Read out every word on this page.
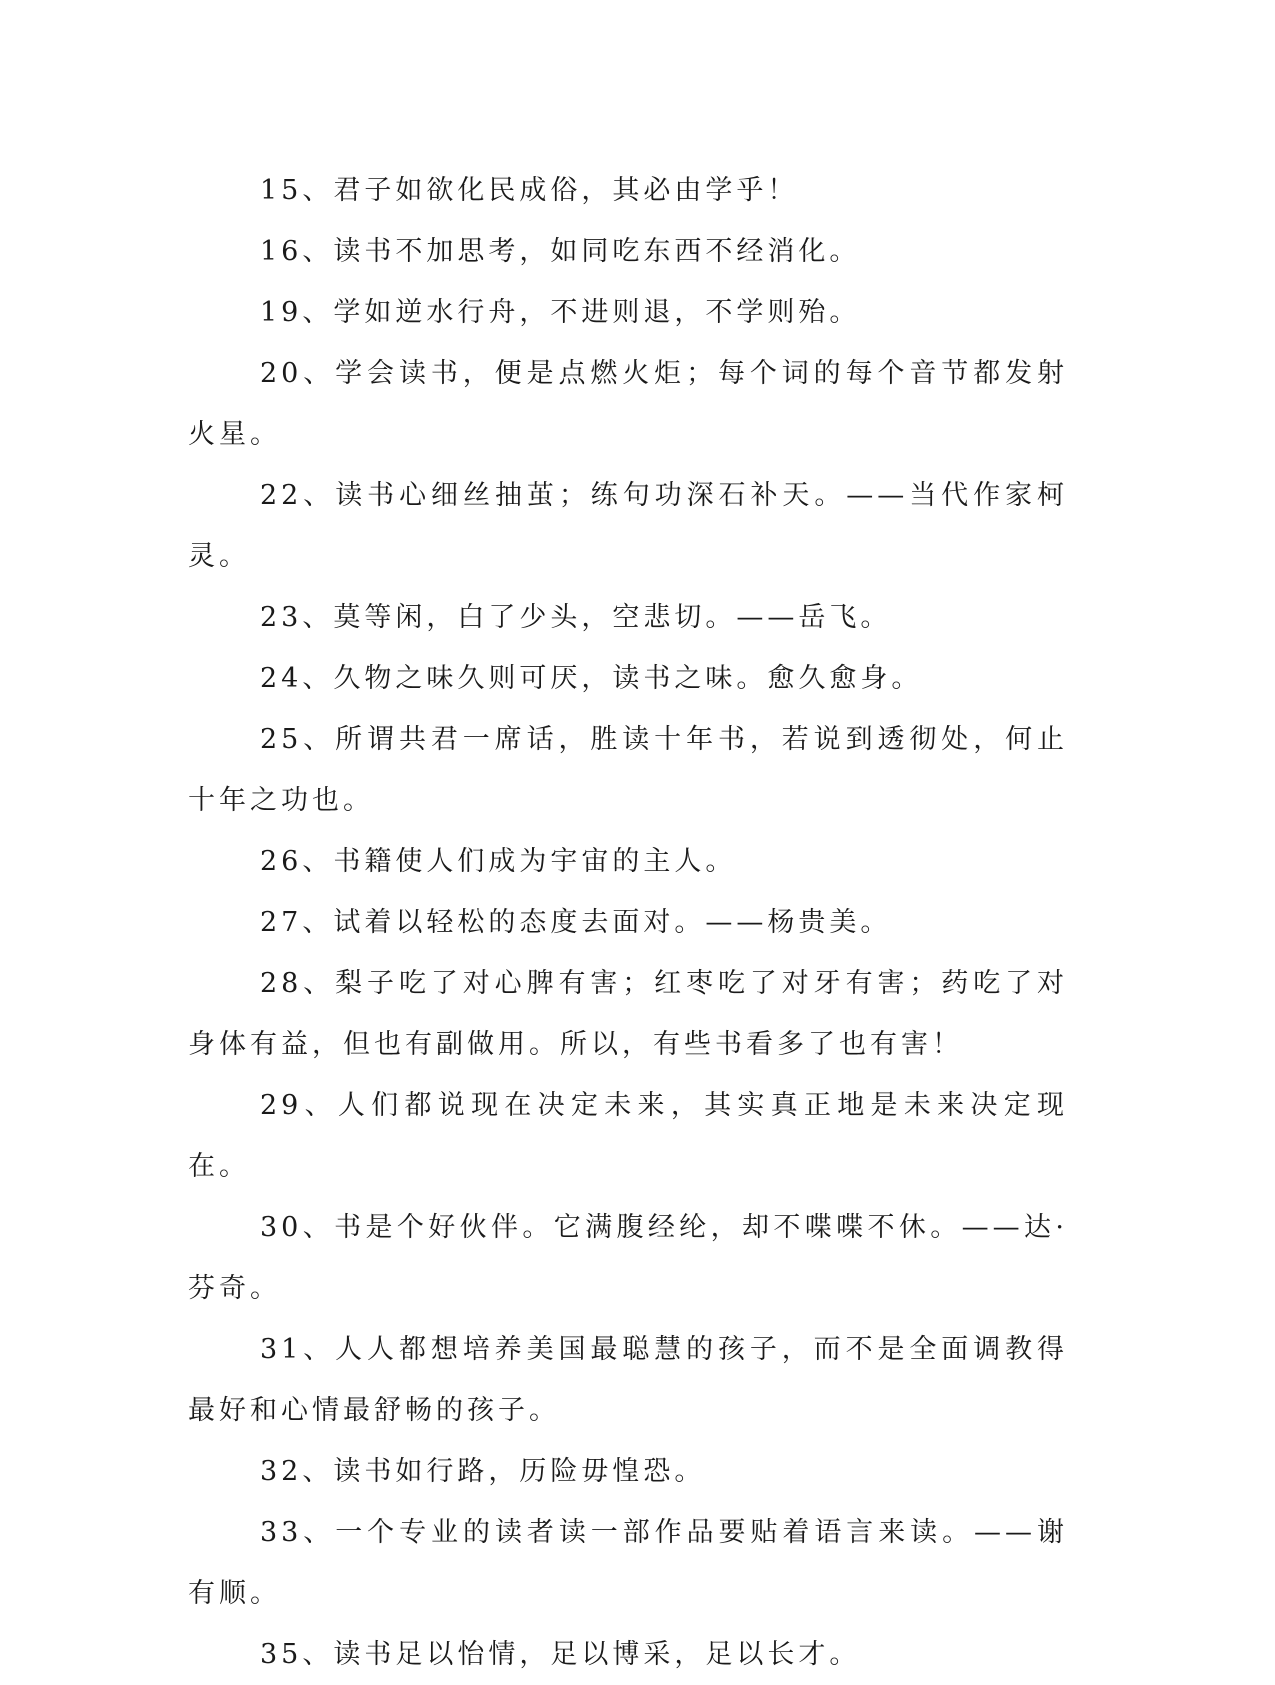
15、君子如欲化民成俗，其必由学乎！

16、读书不加思考，如同吃东西不经消化。

19、学如逆水行舟，不进则退，不学则殆。

20、学会读书，便是点燃火炬；每个词的每个音节都发射火星。

22、读书心细丝抽茧；练句功深石补天。——当代作家柯灵。

23、莫等闲，白了少头，空悲切。——岳飞。

24、久物之味久则可厌，读书之味。愈久愈身。

25、所谓共君一席话，胜读十年书，若说到透彻处，何止十年之功也。

26、书籍使人们成为宇宙的主人。

27、试着以轻松的态度去面对。——杨贵美。

28、梨子吃了对心脾有害；红枣吃了对牙有害；药吃了对身体有益，但也有副做用。所以，有些书看多了也有害！

29、人们都说现在决定未来，其实真正地是未来决定现在。

30、书是个好伙伴。它满腹经纶，却不喋喋不休。——达·芬奇。

31、人人都想培养美国最聪慧的孩子，而不是全面调教得最好和心情最舒畅的孩子。

32、读书如行路，历险毋惶恐。

33、一个专业的读者读一部作品要贴着语言来读。——谢有顺。

35、读书足以怡情，足以博采，足以长才。
